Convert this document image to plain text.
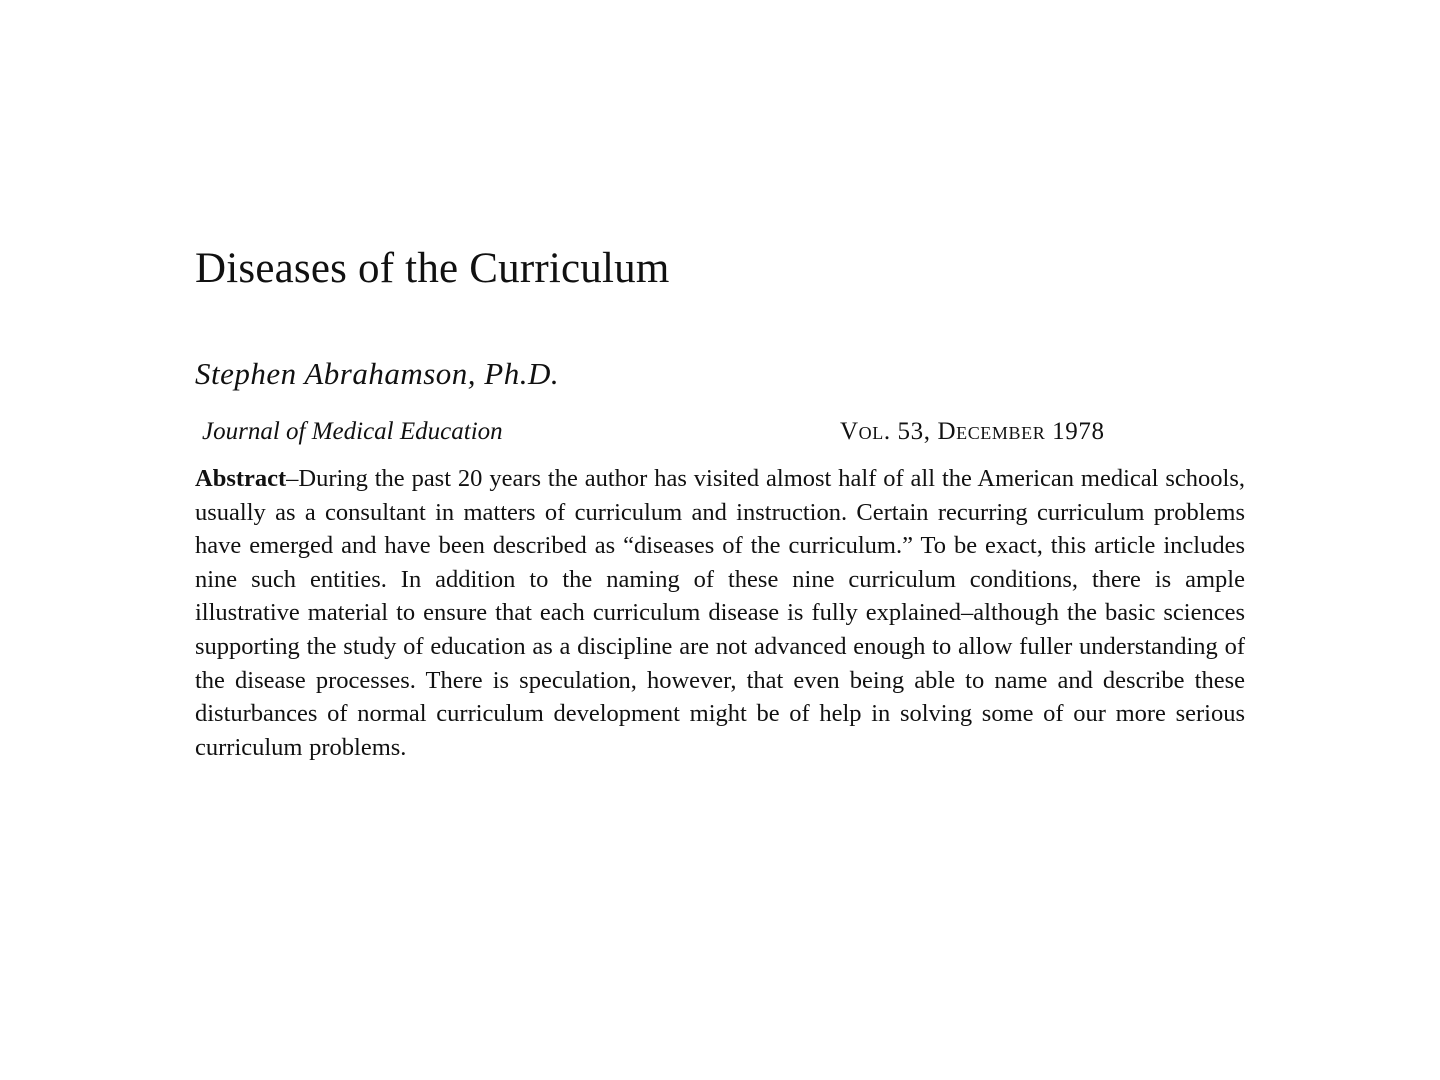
Diseases of the Curriculum

Stephen Abrahamson, Ph.D.

Journal of Medical Education	Vol. 53, December 1978

Abstract–During the past 20 years the author has visited almost half of all the American medical schools, usually as a consultant in matters of curriculum and instruction. Certain recurring curriculum problems have emerged and have been described as “diseases of the curriculum.” To be exact, this article includes nine such entities. In addition to the naming of these nine curriculum conditions, there is ample illustrative material to ensure that each curriculum disease is fully explained–although the basic sciences supporting the study of education as a discipline are not advanced enough to allow fuller understanding of the disease processes. There is speculation, however, that even being able to name and describe these disturbances of normal curriculum development might be of help in solving some of our more serious curriculum problems.
